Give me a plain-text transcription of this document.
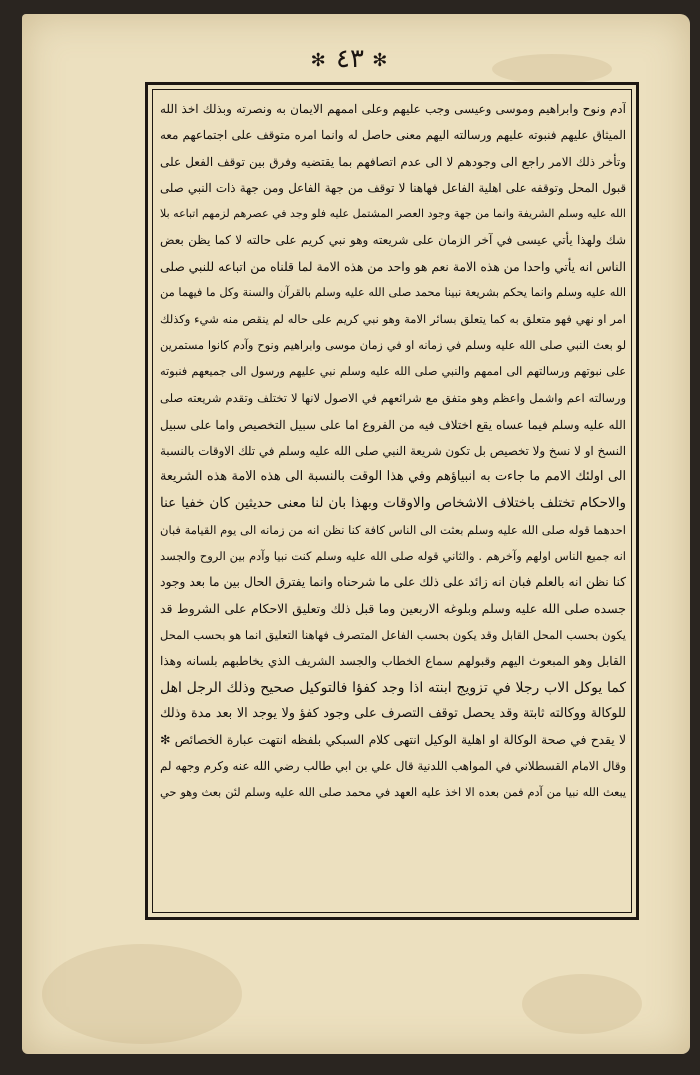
✻ ٤٣ ✻
آدم ونوح وابراهيم وموسى وعيسى وجب عليهم وعلى اممهم الايمان به ونصرته وبذلك اخذ الله
الميثاق عليهم فنبوته عليهم ورسالته اليهم معنى حاصل له وانما امره متوقف على اجتماعهم معه
وتأخر ذلك الامر راجع الى وجودهم لا الى عدم اتصافهم بما يقتضيه وفرق بين توقف الفعل على
قبول المحل وتوقفه على اهلية الفاعل فهاهنا لا توقف من جهة الفاعل ومن جهة ذات النبي صلى
الله عليه وسلم الشريفة وانما من جهة وجود العصر المشتمل عليه فلو وجد في عصرهم لزمهم اتباعه بلا
شك ولهذا يأتي عيسى في آخر الزمان على شريعته وهو نبي كريم على حالته لا كما يظن بعض
الناس انه يأتي واحدا من هذه الامة نعم هو واحد من هذه الامة لما قلناه من اتباعه للنبي صلى
الله عليه وسلم وانما يحكم بشريعة نبينا محمد صلى الله عليه وسلم بالقرآن والسنة وكل ما فيهما من
امر او نهي فهو متعلق به كما يتعلق بسائر الامة وهو نبي كريم على حاله لم ينقص منه شيء وكذلك
لو بعث النبي صلى الله عليه وسلم في زمانه او في زمان موسى وابراهيم ونوح وآدم كانوا مستمرين
على نبوتهم ورسالتهم الى اممهم والنبي صلى الله عليه وسلم نبي عليهم ورسول الى جميعهم فنبوته
ورسالته اعم واشمل واعظم وهو متفق مع شرائعهم في الاصول لانها لا تختلف وتقدم شريعته صلى
الله عليه وسلم فيما عساه يقع اختلاف فيه من الفروع اما على سبيل التخصيص واما على سبيل
النسخ او لا نسخ ولا تخصيص بل تكون شريعة النبي صلى الله عليه وسلم في تلك الاوقات بالنسبة
الى اولئك الامم ما جاءت به انبياؤهم وفي هذا الوقت بالنسبة الى هذه الامة هذه الشريعة
والاحكام تختلف باختلاف الاشخاص والاوقات وبهذا بان لنا معنى حديثين كان خفيا عنا
احدهما قوله صلى الله عليه وسلم بعثت الى الناس كافة كنا نظن انه من زمانه الى يوم القيامة فبان
انه جميع الناس اولهم وآخرهم . والثاني قوله صلى الله عليه وسلم كنت نبيا وآدم بين الروح والجسد
كنا نظن انه بالعلم فبان انه زائد على ذلك على ما شرحناه وانما يفترق الحال بين ما بعد وجود
جسده صلى الله عليه وسلم وبلوغه الاربعين وما قبل ذلك وتعليق الاحكام على الشروط قد
يكون بحسب المحل القابل وقد يكون بحسب الفاعل المتصرف فهاهنا التعليق انما هو بحسب المحل
القابل وهو المبعوث اليهم وقبولهم سماع الخطاب والجسد الشريف الذي يخاطبهم بلسانه وهذا
كما يوكل الاب رجلا في تزويج ابنته اذا وجد كفؤا فالتوكيل صحيح وذلك الرجل اهل
للوكالة ووكالته ثابتة وقد يحصل توقف التصرف على وجود كفؤ ولا يوجد الا بعد مدة وذلك
لا يقدح في صحة الوكالة او اهلية الوكيل انتهى كلام السبكي بلفظه انتهت عبارة الخصائص ✻
وقال الامام القسطلاني في المواهب اللدنية قال علي بن ابي طالب رضي الله عنه وكرم وجهه لم
يبعث الله نبيا من آدم فمن بعده الا اخذ عليه العهد في محمد صلى الله عليه وسلم لئن بعث وهو حي
